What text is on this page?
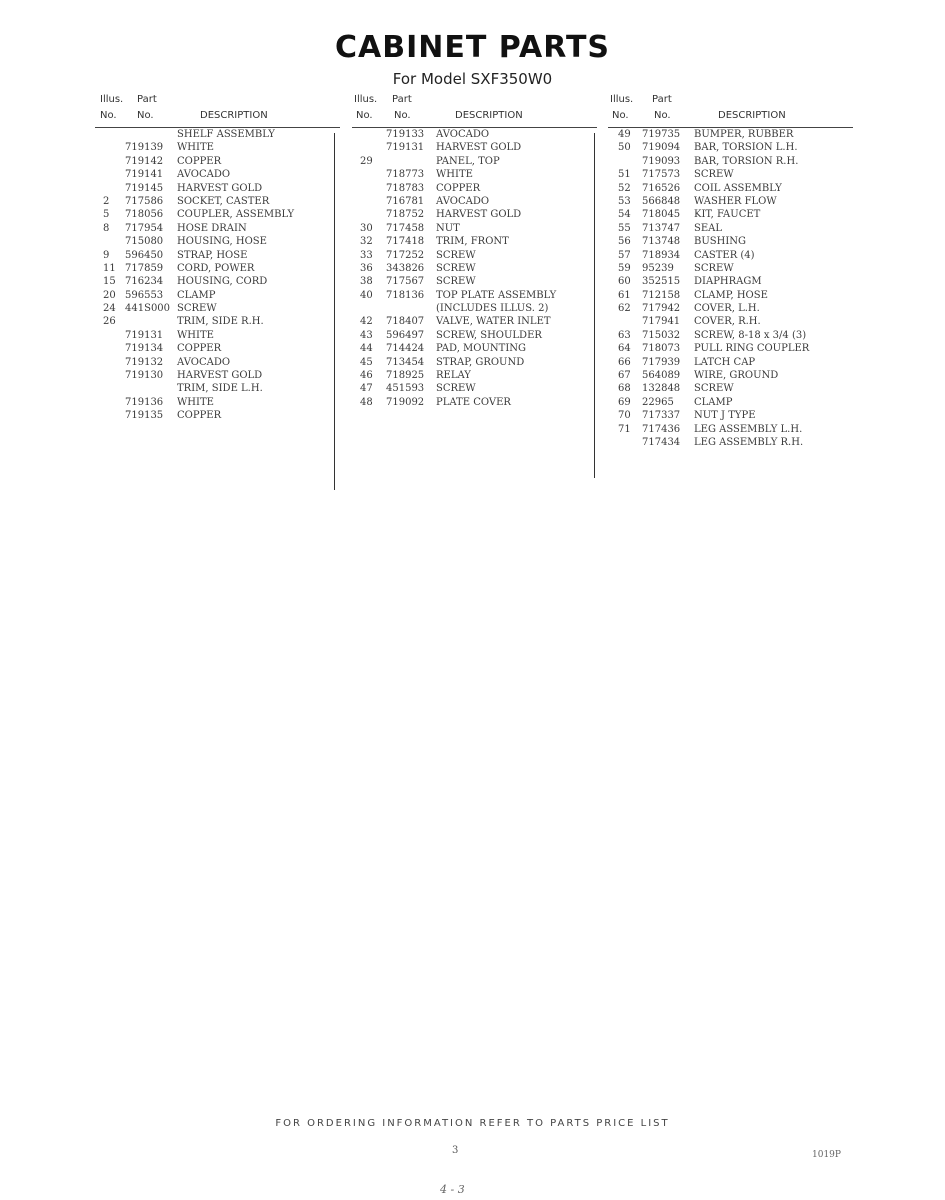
CABINET PARTS
For Model SXF350W0
Illus. Part
No. No.	DESCRIPTION
SHELF ASSEMBLY
719139 WHITE
719142 COPPER
719141 AVOCADO
719145 HARVEST GOLD
2 717586 SOCKET, CASTER
5 718056 COUPLER, ASSEMBLY
8 717954 HOSE DRAIN
715080 HOUSING, HOSE
9 596450 STRAP, HOSE
11 717859 CORD, POWER
15 716234 HOUSING, CORD
20 596553 CLAMP
24 441S000 SCREW
26	TRIM, SIDE R.H.
719131 WHITE
719134 COPPER
719132 AVOCADO
719130 HARVEST GOLD
TRIM, SIDE L.H.
719136 WHITE
719135 COPPER
Illus. Part
No. No.	DESCRIPTION
719133 AVOCADO
719131 HARVEST GOLD
29	PANEL, TOP
718773 WHITE
718783 COPPER
716781 AVOCADO
718752 HARVEST GOLD
30 717458 NUT
32 717418 TRIM, FRONT
33 717252 SCREW
36 343826 SCREW
38 717567 SCREW
40 718136 TOP PLATE ASSEMBLY
(INCLUDES ILLUS. 2)
42 718407 VALVE, WATER INLET
43 596497 SCREW, SHOULDER
44 714424 PAD, MOUNTING
45 713454 STRAP, GROUND
46 718925 RELAY
47 451593 SCREW
48 719092 PLATE COVER
Illus. Part
No.	No.	DESCRIPTION
49 719735 BUMPER, RUBBER
50 719094 BAR, TORSION L.H.
719093 BAR, TORSION R.H.
51 717573 SCREW
52 716526 COIL ASSEMBLY
53 566848 WASHER FLOW
54 718045 KIT, FAUCET
55 713747 SEAL
56 713748 BUSHING
57 718934 CASTER (4)
59 95239 SCREW
60 352515 DIAPHRAGM
61 712158 CLAMP, HOSE
62 717942 COVER, L.H.
717941 COVER, R.H.
63 715032 SCREW, 8-18 x 3/4 (3)
64 718073 PULL RING COUPLER
66 717939 LATCH CAP
67 564089 WIRE, GROUND
68 132848 SCREW
69 22965 CLAMP
70 717337 NUT J TYPE
71 717436 LEG ASSEMBLY L.H.
717434 LEG ASSEMBLY R.H.
FOR ORDERING INFORMATION REFER TO PARTS PRICE LIST
3	1019P
4 - 3
